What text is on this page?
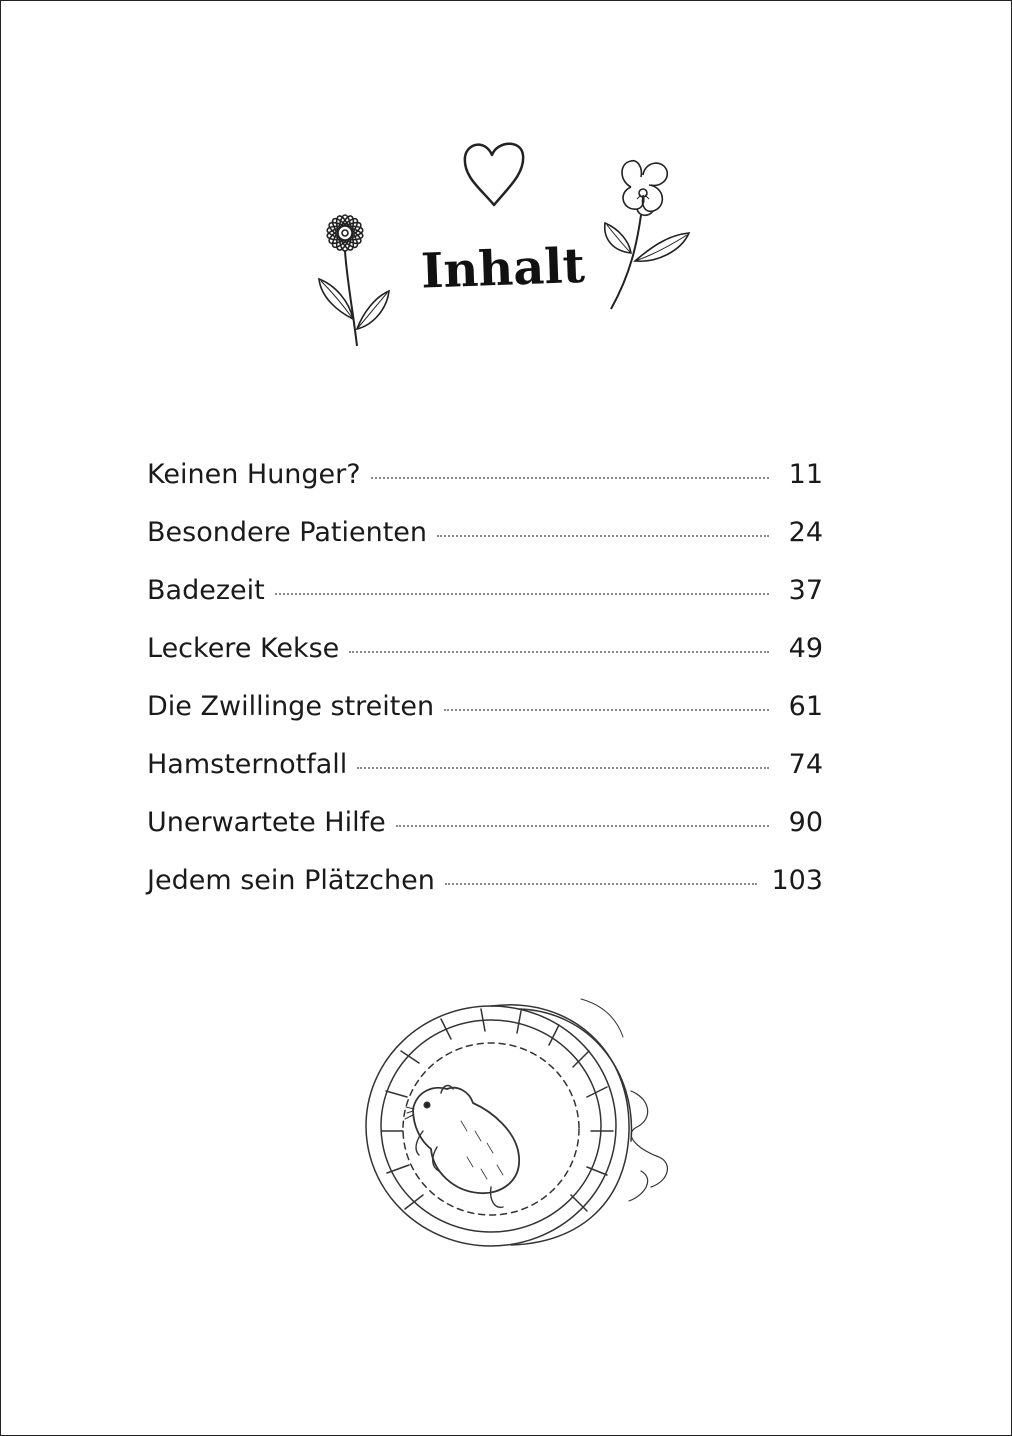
Inhalt
Keinen Hunger?	11
Besondere Patienten	24
Badezeit	37
Leckere Kekse	49
Die Zwillinge streiten	61
Hamsternotfall	74
Unerwartete Hilfe	90
Jedem sein Plätzchen	103
